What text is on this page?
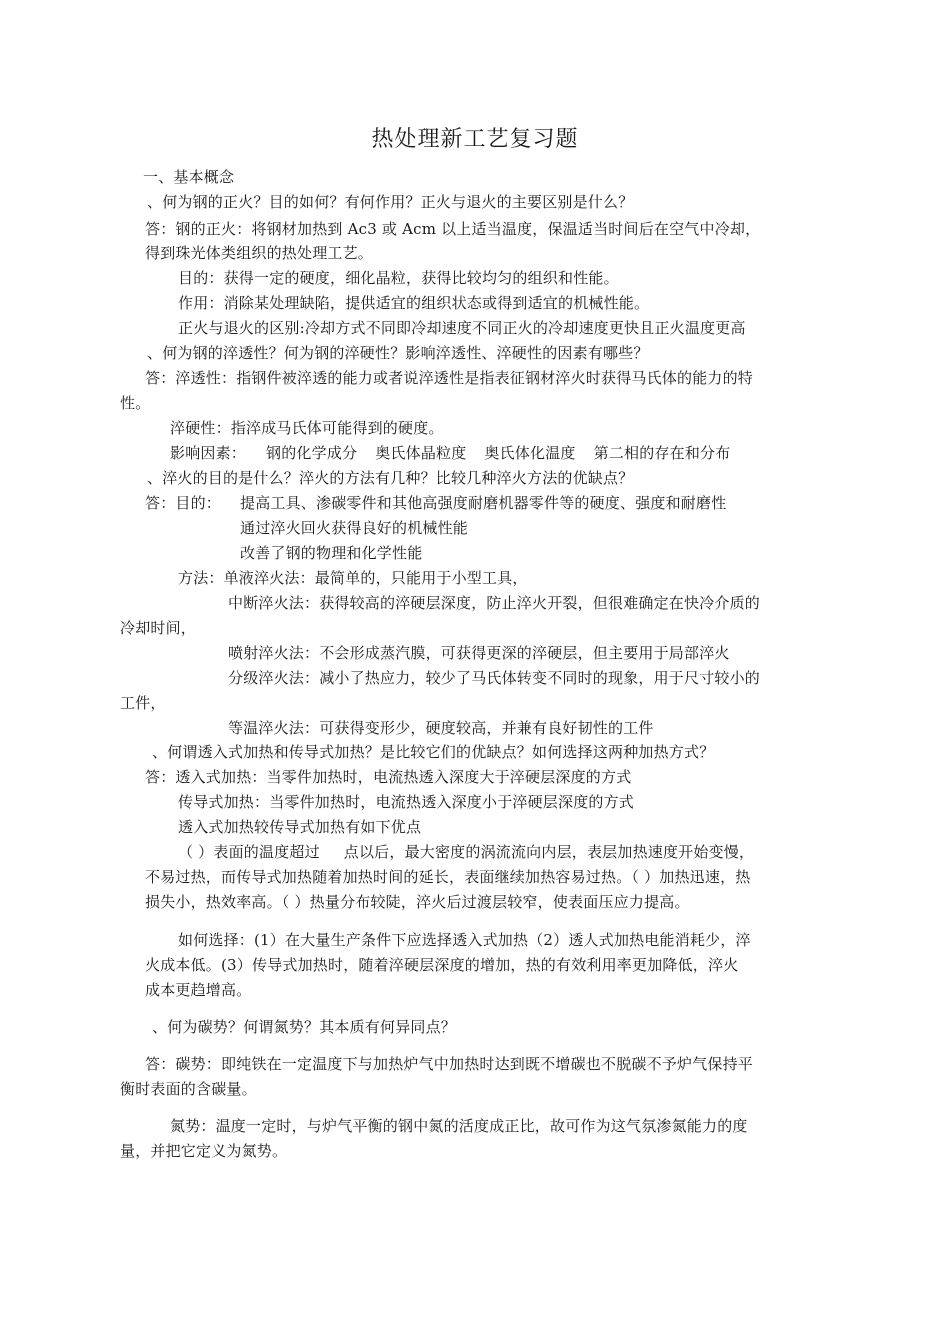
热处理新工艺复习题
一、基本概念
、何为钢的正火？目的如何？有何作用？正火与退火的主要区别是什么？
答：钢的正火：将钢材加热到 Ac3 或 Acm 以上适当温度，保温适当时间后在空气中冷却，
得到珠光体类组织的热处理工艺。
目的：获得一定的硬度，细化晶粒，获得比较均匀的组织和性能。
作用：消除某处理缺陷，提供适宜的组织状态或得到适宜的机械性能。
正火与退火的区别:冷却方式不同即冷却速度不同正火的冷却速度更快且正火温度更高
、何为钢的淬透性？何为钢的淬硬性？影响淬透性、淬硬性的因素有哪些？
答：淬透性：指钢件被淬透的能力或者说淬透性是指表征钢材淬火时获得马氏体的能力的特
性。
淬硬性：指淬成马氏体可能得到的硬度。
影响因素： 钢的化学成分 奥氏体晶粒度 奥氏体化温度 第二相的存在和分布
、淬火的目的是什么？淬火的方法有几种？比较几种淬火方法的优缺点？
答：目的： 提高工具、渗碳零件和其他高强度耐磨机器零件等的硬度、强度和耐磨性
通过淬火回火获得良好的机械性能
改善了钢的物理和化学性能
方法：单液淬火法：最简单的，只能用于小型工具，
中断淬火法：获得较高的淬硬层深度，防止淬火开裂，但很难确定在快冷介质的
冷却时间，
喷射淬火法：不会形成蒸汽膜，可获得更深的淬硬层，但主要用于局部淬火
分级淬火法：减小了热应力，较少了马氏体转变不同时的现象，用于尺寸较小的
工件，
等温淬火法：可获得变形少，硬度较高，并兼有良好韧性的工件
、何谓透入式加热和传导式加热？是比较它们的优缺点？如何选择这两种加热方式？
答：透入式加热：当零件加热时，电流热透入深度大于淬硬层深度的方式
传导式加热：当零件加热时，电流热透入深度小于淬硬层深度的方式
透入式加热较传导式加热有如下优点
（ ）表面的温度超过 点以后，最大密度的涡流流向内层，表层加热速度开始变慢，
不易过热，而传导式加热随着加热时间的延长，表面继续加热容易过热。（ ）加热迅速，热
损失小，热效率高。（ ）热量分布较陡，淬火后过渡层较窄，使表面压应力提高。
如何选择：(1）在大量生产条件下应选择透入式加热（2）透人式加热电能消耗少，淬
火成本低。(3）传导式加热时，随着淬硬层深度的增加，热的有效利用率更加降低，淬火
成本更趋增高。
、何为碳势？何谓氮势？其本质有何异同点？
答：碳势：即纯铁在一定温度下与加热炉气中加热时达到既不增碳也不脱碳不予炉气保持平
衡时表面的含碳量。
氮势：温度一定时，与炉气平衡的钢中氮的活度成正比，故可作为这气氛渗氮能力的度
量，并把它定义为氮势。
